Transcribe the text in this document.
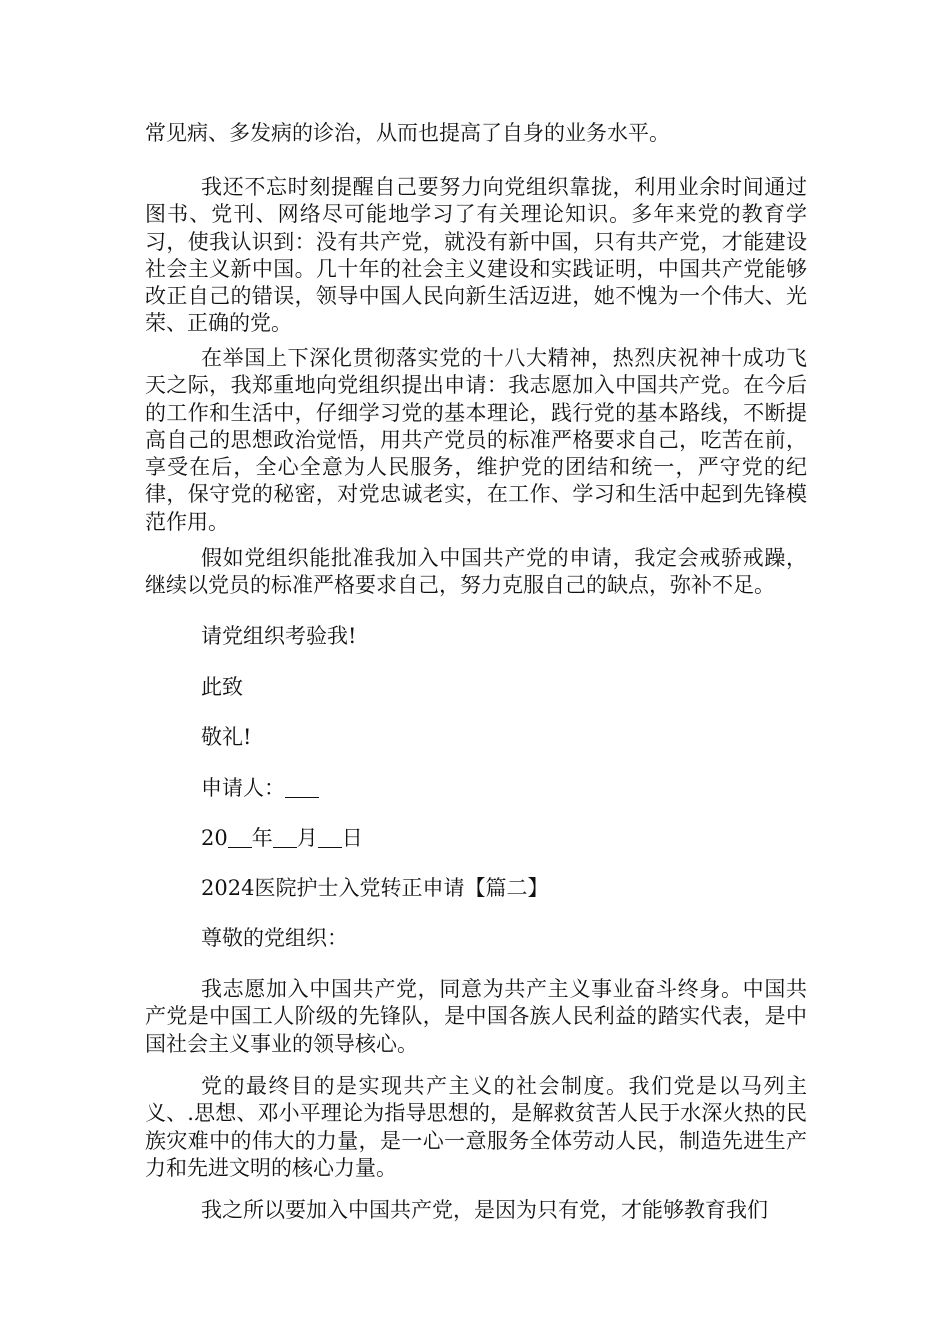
常见病、多发病的诊治，从而也提高了自身的业务水平。

我还不忘时刻提醒自己要努力向党组织靠拢，利用业余时间通过图书、党刊、网络尽可能地学习了有关理论知识。多年来党的教育学习，使我认识到：没有共产党，就没有新中国，只有共产党，才能建设社会主义新中国。几十年的社会主义建设和实践证明，中国共产党能够改正自己的错误，领导中国人民向新生活迈进，她不愧为一个伟大、光荣、正确的党。

在举国上下深化贯彻落实党的十八大精神，热烈庆祝神十成功飞天之际，我郑重地向党组织提出申请：我志愿加入中国共产党。在今后的工作和生活中，仔细学习党的基本理论，践行党的基本路线，不断提高自己的思想政治觉悟，用共产党员的标准严格要求自己，吃苦在前，享受在后，全心全意为人民服务，维护党的团结和统一，严守党的纪律，保守党的秘密，对党忠诚老实，在工作、学习和生活中起到先锋模范作用。

假如党组织能批准我加入中国共产党的申请，我定会戒骄戒躁，继续以党员的标准严格要求自己，努力克服自己的缺点，弥补不足。

请党组织考验我!

此致

敬礼!

申请人：

20 年 月 日

2024医院护士入党转正申请【篇二】

尊敬的党组织：

我志愿加入中国共产党，同意为共产主义事业奋斗终身。中国共产党是中国工人阶级的先锋队，是中国各族人民利益的踏实代表，是中国社会主义事业的领导核心。

党的最终目的是实现共产主义的社会制度。我们党是以马列主义、.思想、邓小平理论为指导思想的，是解救贫苦人民于水深火热的民族灾难中的伟大的力量，是一心一意服务全体劳动人民，制造先进生产力和先进文明的核心力量。

我之所以要加入中国共产党，是因为只有党，才能够教育我们
